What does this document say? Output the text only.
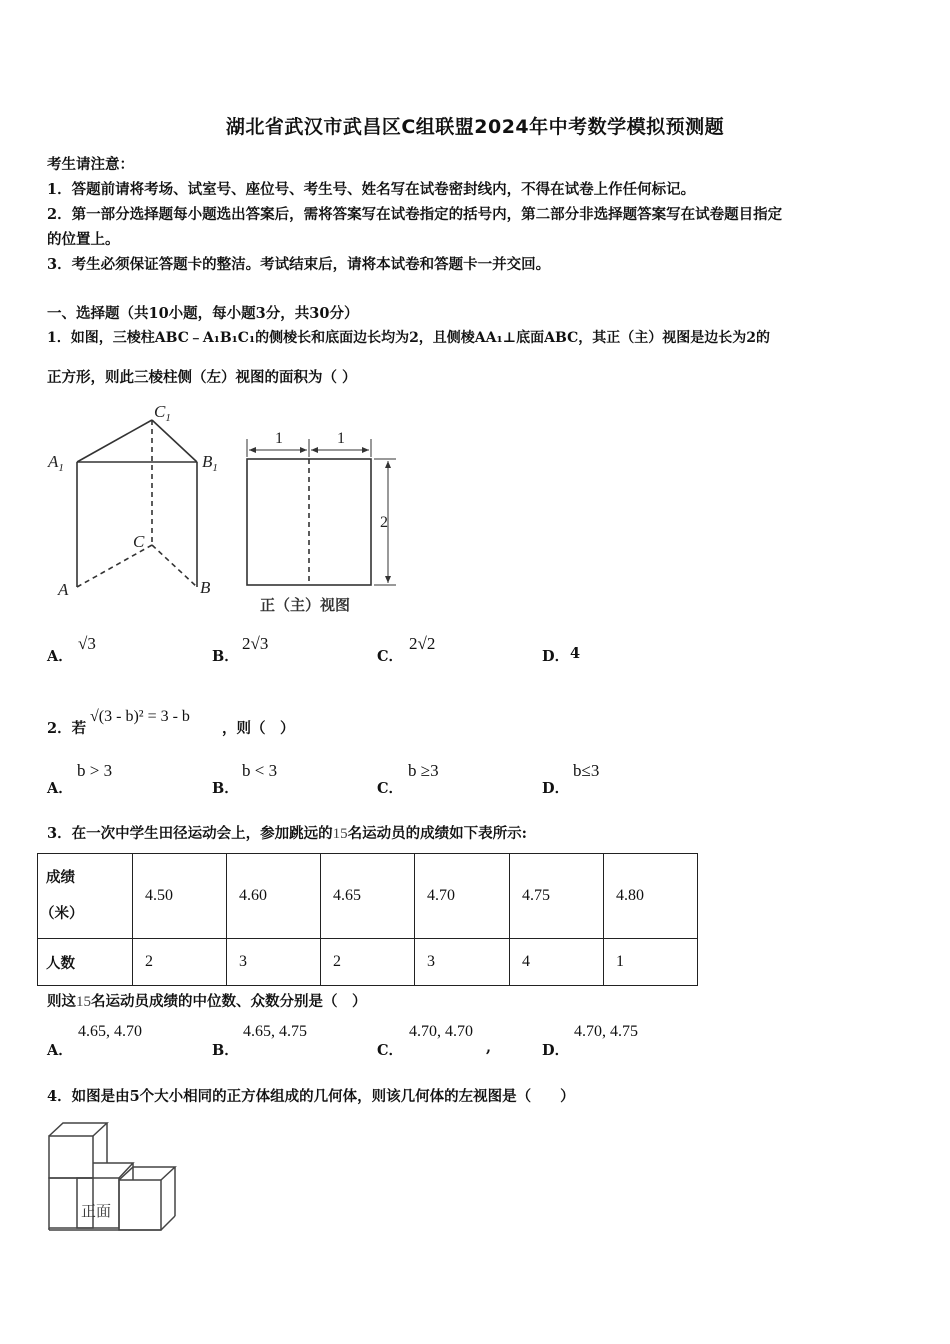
湖北省武汉市武昌区C组联盟2024年中考数学模拟预测题
考生请注意：
1．答题前请将考场、试室号、座位号、考生号、姓名写在试卷密封线内，不得在试卷上作任何标记。
2．第一部分选择题每小题选出答案后，需将答案写在试卷指定的括号内，第二部分非选择题答案写在试卷题目指定
的位置上。
3．考生必须保证答题卡的整洁。考试结束后，请将本试卷和答题卡一并交回。
一、选择题（共10小题，每小题3分，共30分）
1．如图，三棱柱ABC﹣A₁B₁C₁的侧棱长和底面边长均为2，且侧棱AA₁⊥底面ABC，其正（主）视图是边长为2的
正方形，则此三棱柱侧（左）视图的面积为（ ）
$C_1$
$A_1$	$B_1$
C
A	B
1	1
2
正（主）视图
A．
√3
B．
2√3
C．
2√2
D． 4
2．若
√(3 - b)² = 3 - b
，则（　）
A．
b > 3
B．
b < 3
C．
b ≥3
D．
b≤3
3．在一次中学生田径运动会上，参加跳远的15名运动员的成绩如下表所示:
成绩
（米）	4.50	4.60	4.65	4.70	4.75	4.80
人数	2	3	2	3	4	1
则这15名运动员成绩的中位数、众数分别是（　）
A．
4.65, 4.70
B．
4.65, 4.75
C．
4.70, 4.70
,	D．
4.70, 4.75
4．如图是由5个大小相同的正方体组成的几何体，则该几何体的左视图是（　　）
正面
